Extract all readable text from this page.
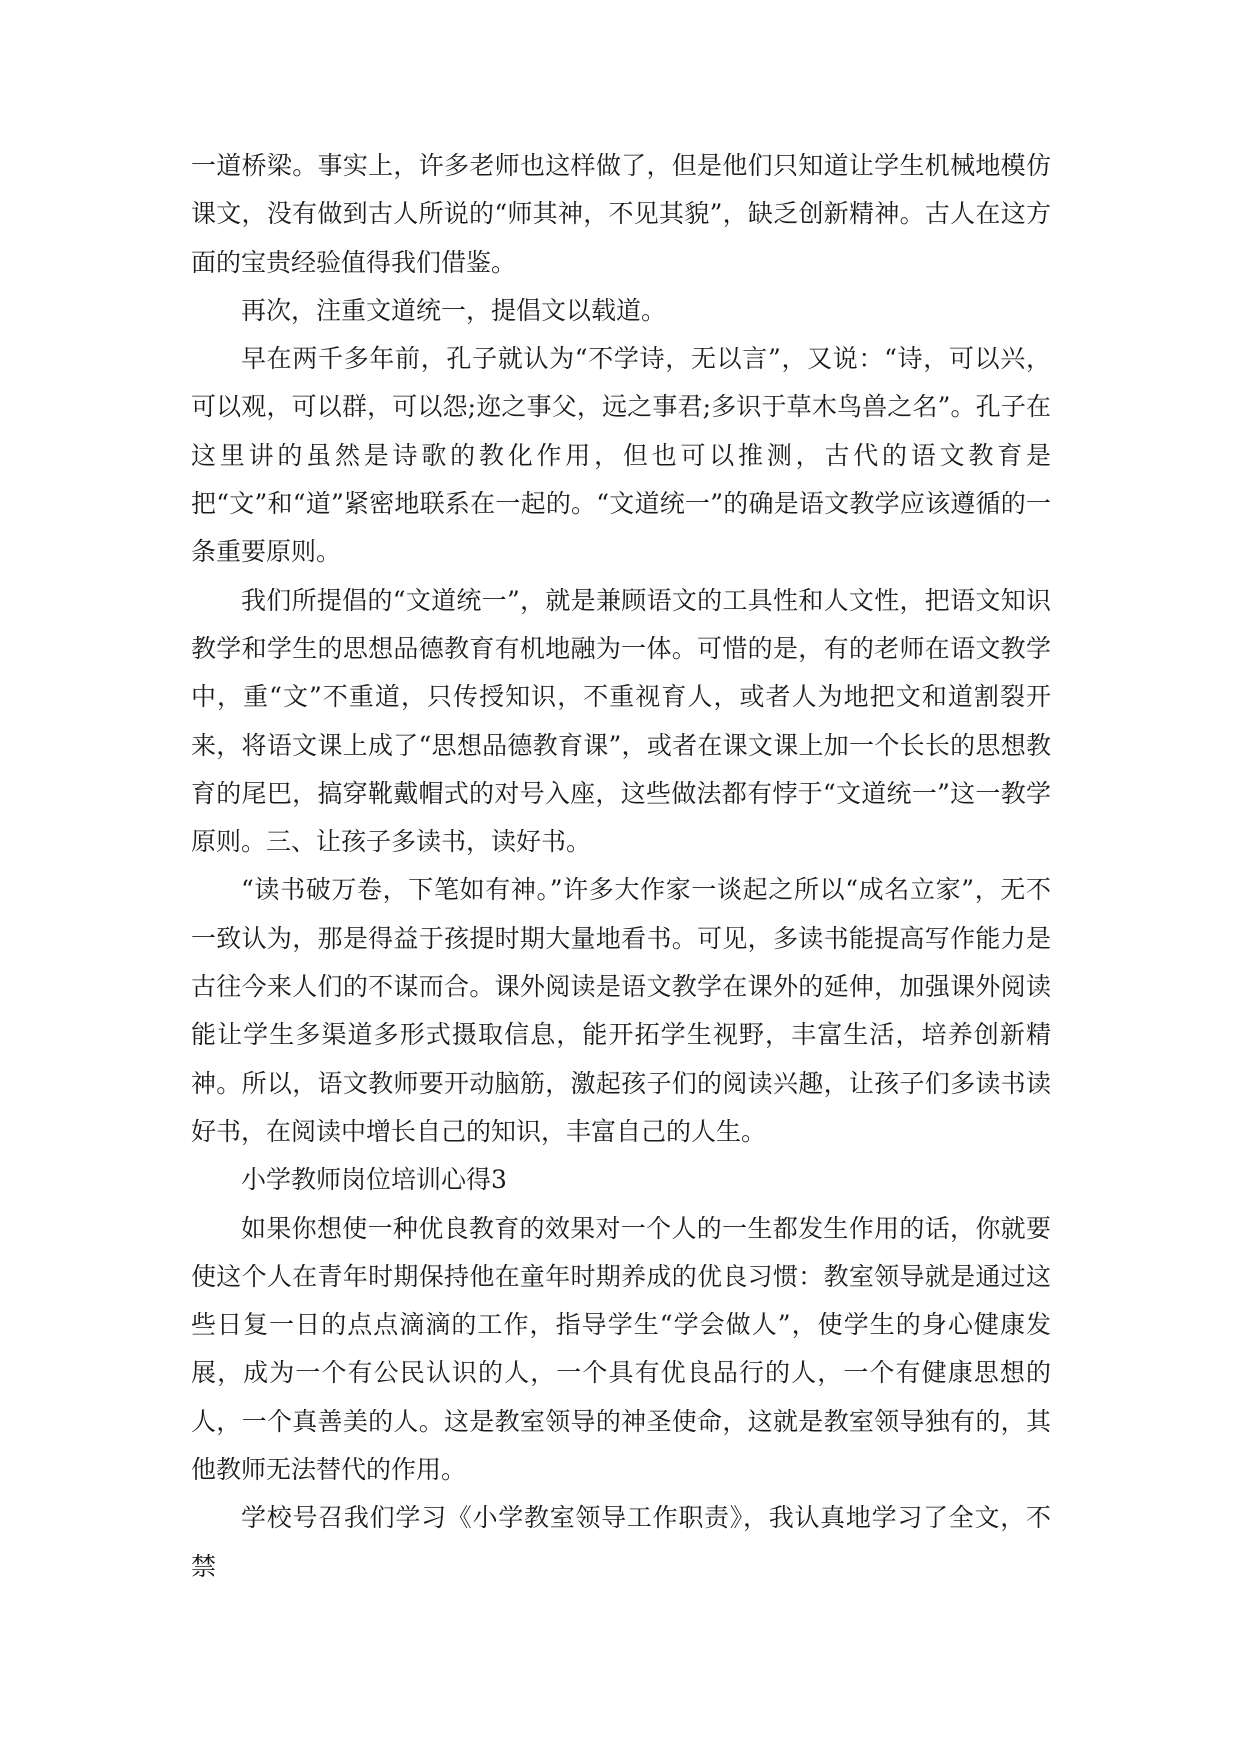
一道桥梁。事实上，许多老师也这样做了，但是他们只知道让学生机械地模仿课文，没有做到古人所说的“师其神，不见其貌”，缺乏创新精神。古人在这方面的宝贵经验值得我们借鉴。

再次，注重文道统一，提倡文以载道。

早在两千多年前，孔子就认为“不学诗，无以言”，又说：“诗，可以兴，可以观，可以群，可以怨;迩之事父，远之事君;多识于草木鸟兽之名”。孔子在这里讲的虽然是诗歌的教化作用，但也可以推测，古代的语文教育是把“文”和“道”紧密地联系在一起的。“文道统一”的确是语文教学应该遵循的一条重要原则。

我们所提倡的“文道统一”，就是兼顾语文的工具性和人文性，把语文知识教学和学生的思想品德教育有机地融为一体。可惜的是，有的老师在语文教学中，重“文”不重道，只传授知识，不重视育人，或者人为地把文和道割裂开来，将语文课上成了“思想品德教育课”，或者在课文课上加一个长长的思想教育的尾巴，搞穿靴戴帽式的对号入座，这些做法都有悖于“文道统一”这一教学原则。三、让孩子多读书，读好书。

“读书破万卷，下笔如有神。”许多大作家一谈起之所以“成名立家”，无不一致认为，那是得益于孩提时期大量地看书。可见，多读书能提高写作能力是古往今来人们的不谋而合。课外阅读是语文教学在课外的延伸，加强课外阅读能让学生多渠道多形式摄取信息，能开拓学生视野，丰富生活，培养创新精神。所以，语文教师要开动脑筋，激起孩子们的阅读兴趣，让孩子们多读书读好书，在阅读中增长自己的知识，丰富自己的人生。

小学教师岗位培训心得3

如果你想使一种优良教育的效果对一个人的一生都发生作用的话，你就要使这个人在青年时期保持他在童年时期养成的优良习惯：教室领导就是通过这些日复一日的点点滴滴的工作，指导学生“学会做人”，使学生的身心健康发展，成为一个有公民认识的人，一个具有优良品行的人，一个有健康思想的人，一个真善美的人。这是教室领导的神圣使命，这就是教室领导独有的，其他教师无法替代的作用。

学校号召我们学习《小学教室领导工作职责》，我认真地学习了全文，不禁
